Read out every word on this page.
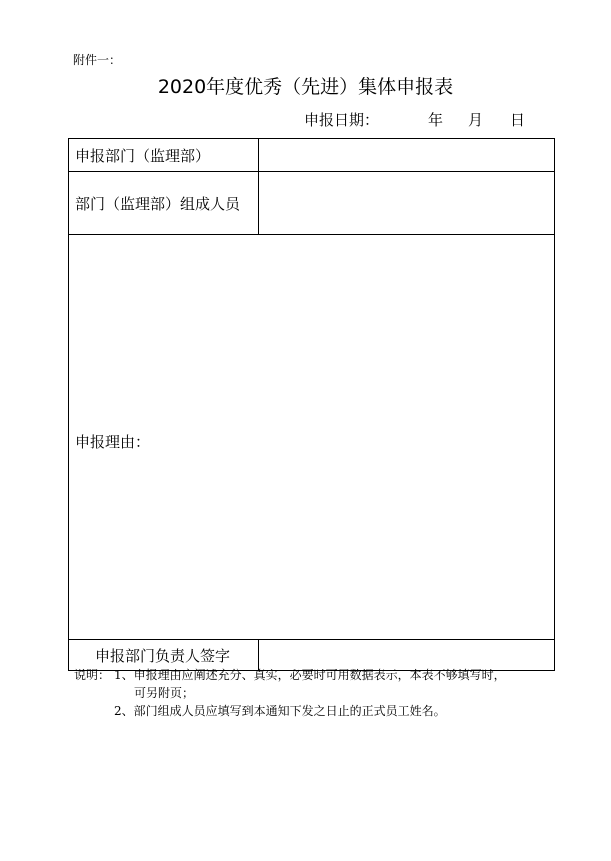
附件一：
2020年度优秀（先进）集体申报表
申报日期：	年 月 日
申报部门（监理部）	
部门（监理部）组成人员	
申报理由：	
申报部门负责人签字	
说明： 1、申报理由应阐述充分、真实，必要时可用数据表示，本表不够填写时，
可另附页；
2、部门组成人员应填写到本通知下发之日止的正式员工姓名。
